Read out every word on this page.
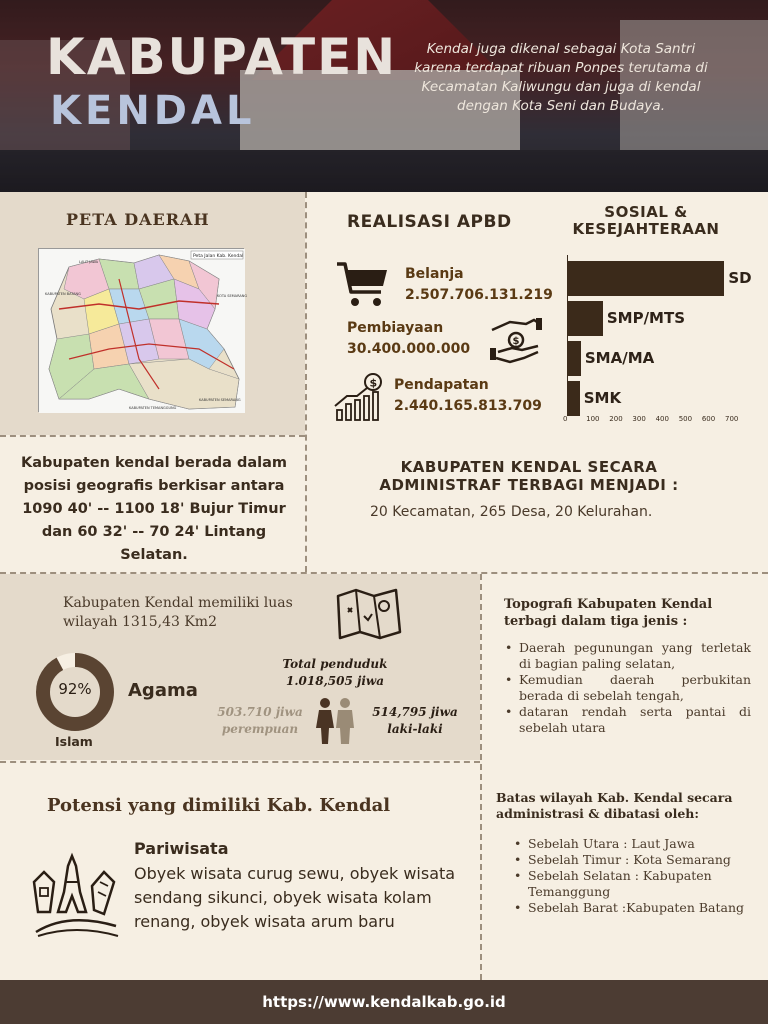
KABUPATEN
KENDAL
Kendal juga dikenal sebagai Kota Santri karena terdapat ribuan Ponpes terutama di Kecamatan Kaliwungu dan juga di kendal dengan Kota Seni dan Budaya.
PETA DAERAH
Peta Jalan Kab. Kendal
LAUT JAWA
KOTA SEMARANG
KABUPATEN BATANG
KABUPATEN TEMANGGUNG
KABUPATEN SEMARANG
REALISASI APBD
Belanja
2.507.706.131.219
Pembiayaan
30.400.000.000	$
$ Pendapatan
2.440.165.813.709
SOSIAL & KESEJAHTERAAN
SD
SMP/MTS
SMA/MA
SMK
0	100 200 300 400 500 600 700
Kabupaten kendal berada dalam posisi geografis berkisar antara 1090 40' -- 1100 18' Bujur Timur dan 60 32' -- 70 24' Lintang Selatan.
KABUPATEN KENDAL SECARA ADMINISTRAF TERBAGI MENJADI :
20 Kecamatan, 265 Desa, 20 Kelurahan.
Kabupaten Kendal memiliki luas wilayah 1315,43 Km2
92%
Islam
Agama
Total penduduk
1.018,505 jiwa
503.710 jiwa
perempuan
514,795 jiwa
laki-laki
Topografi Kabupaten Kendal terbagi dalam tiga jenis :
• Daerah pegunungan yang terletak di bagian paling selatan,
• Kemudian daerah perbukitan berada di sebelah tengah,
• dataran rendah serta pantai di sebelah utara
Potensi yang dimiliki Kab. Kendal
Pariwisata
Obyek wisata curug sewu, obyek wisata sendang sikunci, obyek wisata kolam renang, obyek wisata arum baru
Batas wilayah Kab. Kendal secara administrasi & dibatasi oleh:
• Sebelah Utara : Laut Jawa
• Sebelah Timur : Kota Semarang
• Sebelah Selatan : Kabupaten Temanggung
• Sebelah Barat :Kabupaten Batang
https://www.kendalkab.go.id
